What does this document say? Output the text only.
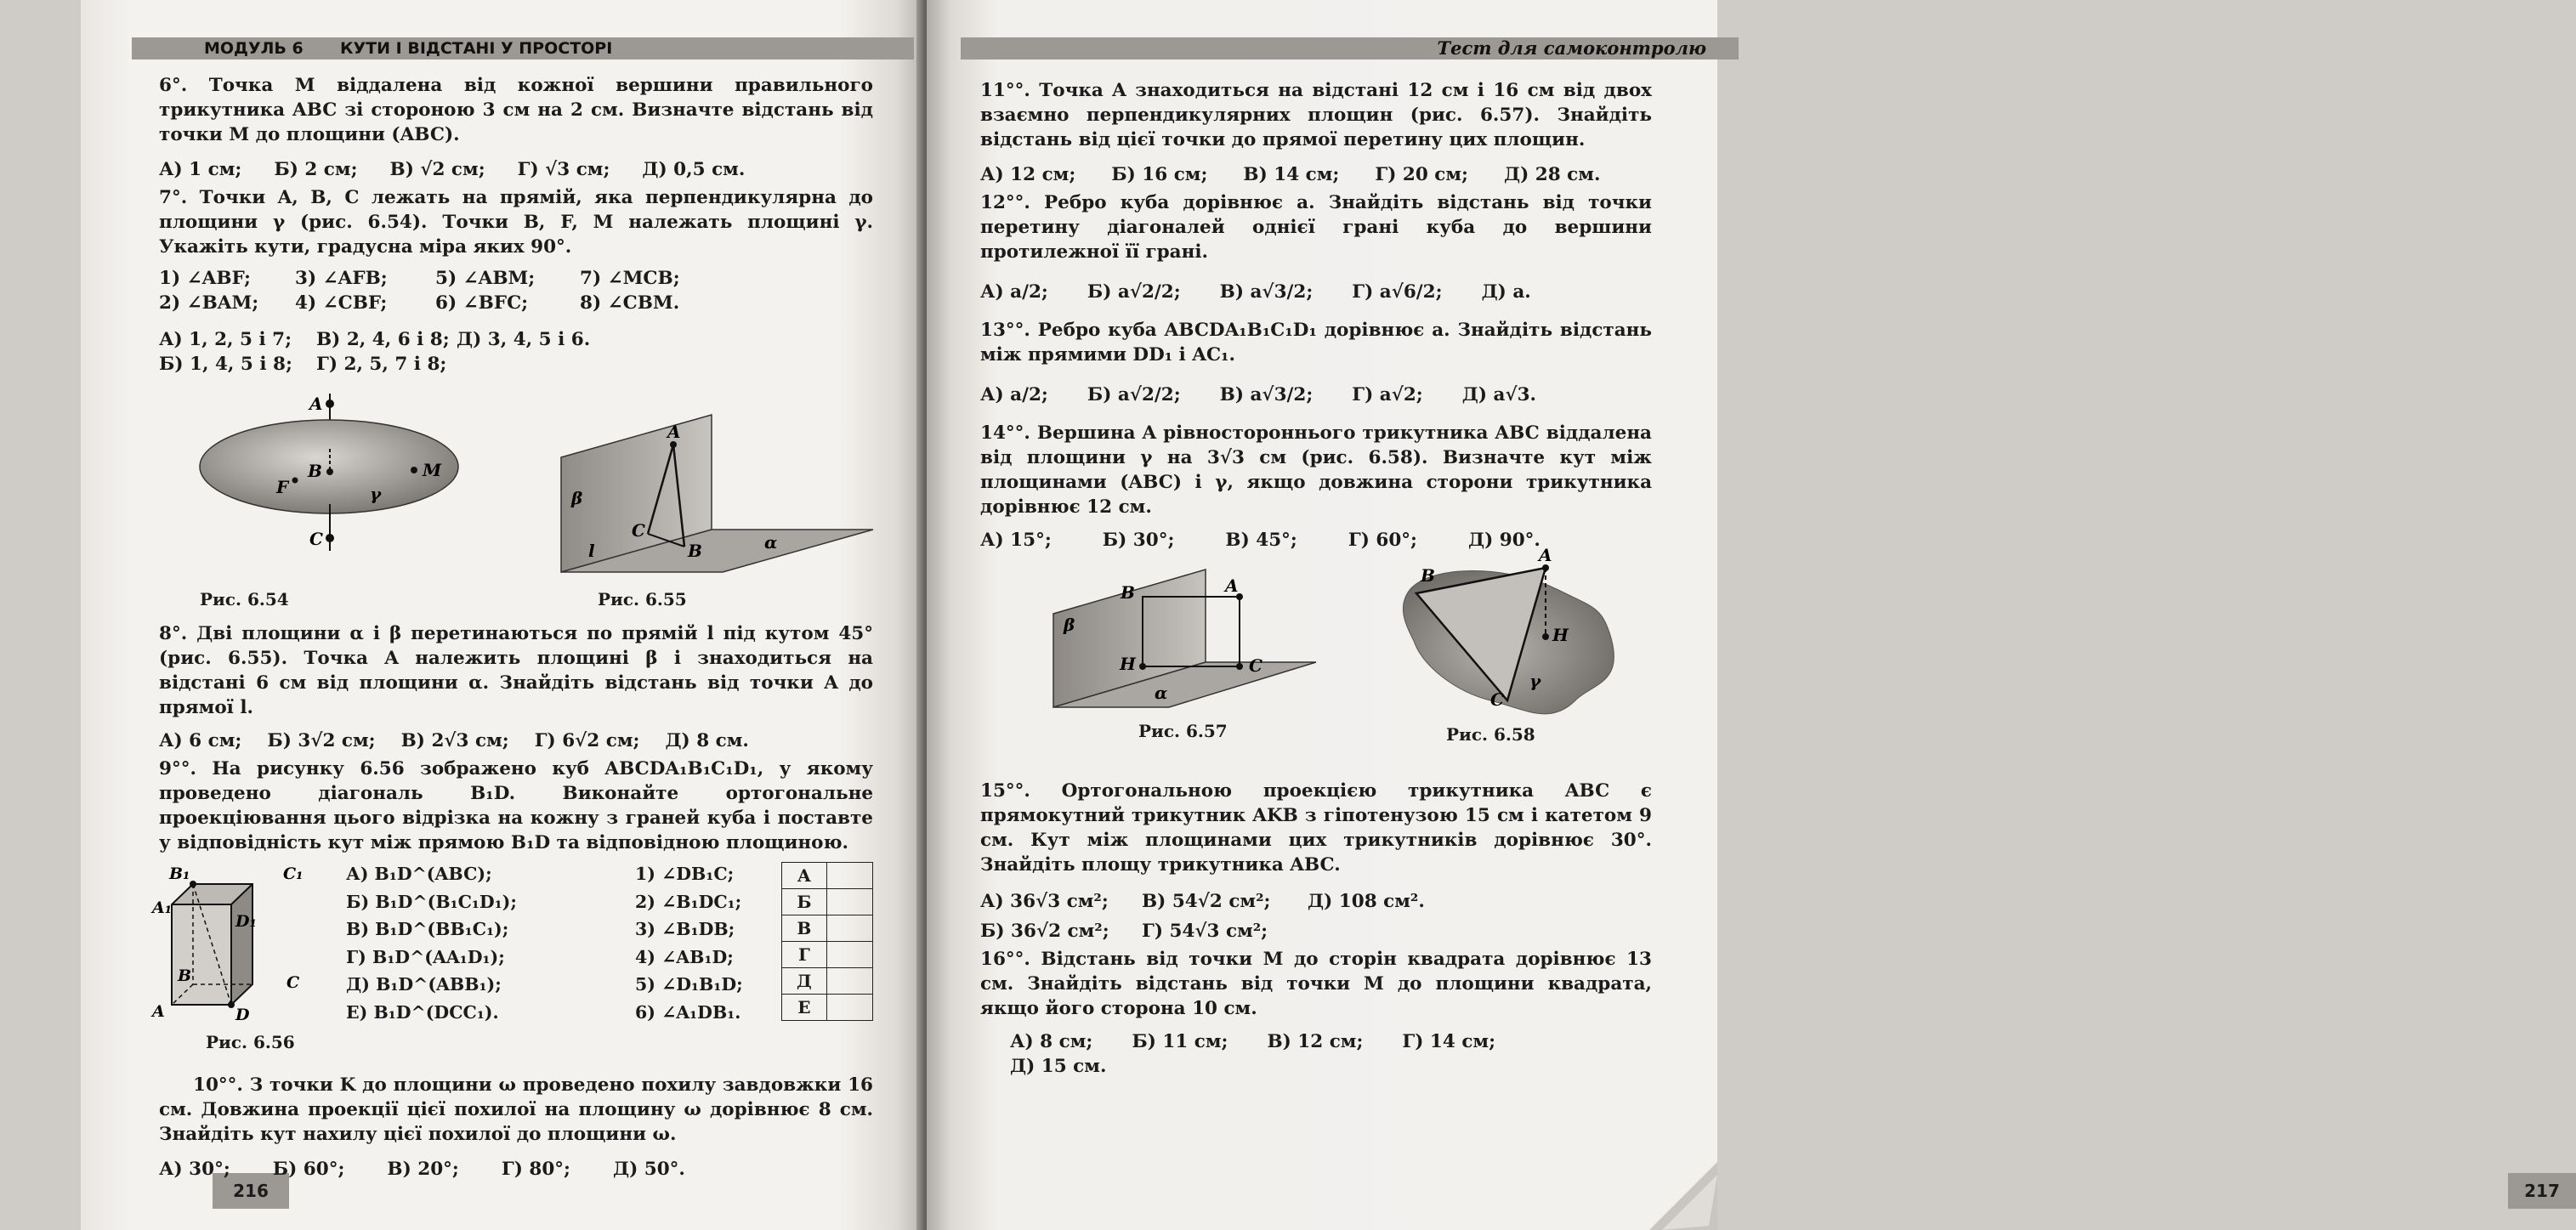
МОДУЛЬ 6 КУТИ І ВІДСТАНІ У ПРОСТОРІ
216
Тест для самоконтролю
217

6°. Точка M віддалена від кожної вершини правильного трикутника ABC зі стороною 3 см на 2 см. Визначте відстань від точки M до площини (ABC).

А) 1 см; Б) 2 см; В) √2 см; Г) √3 см; Д) 0,5 см.

7°. Точки A, B, C лежать на прямій, яка перпендикулярна до площини γ (рис. 6.54). Точки B, F, M належать площині γ. Укажіть кути, градусна міра яких 90°.

1) ∠ABF;	3) ∠AFB;	5) ∠ABM;	7) ∠MCB;
2) ∠BAM;	4) ∠CBF;	6) ∠BFC;	8) ∠CBM.
А) 1, 2, 5 і 7;	В) 2, 4, 6 і 8; Д) 3, 4, 5 і 6.
Б) 1, 4, 5 і 8;	Г) 2, 5, 7 і 8;
A
B
C
F
M
γ
A
β
C
B
l	α
Рис. 6.54	Рис. 6.55

8°. Дві площини α і β перетинаються по прямій l під кутом 45° (рис. 6.55). Точка A належить площині β і знаходиться на відстані 6 см від площини α. Знайдіть відстань від точки A до прямої l.

А) 6 см; Б) 3√2 см; В) 2√3 см; Г) 6√2 см; Д) 8 см.

9°°. На рисунку 6.56 зображено куб ABCDA₁B₁C₁D₁, у якому проведено діагональ B₁D. Виконайте ортогональне проекціювання цього відрізка на кожну з граней куба і поставте у відповідність кут між прямою B₁D та відповідною площиною.

B₁	C₁
A₁
D₁
B	C
A	D
Рис. 6.56
А) B₁D^(ABC);
Б) B₁D^(B₁C₁D₁);
В) B₁D^(BB₁C₁);
Г) B₁D^(AA₁D₁);
Д) B₁D^(ABB₁);
Е) B₁D^(DCC₁).
1) ∠DB₁C;
2) ∠B₁DC₁;
3) ∠B₁DB;
4) ∠AB₁D;
5) ∠D₁B₁D;
6) ∠A₁DB₁.
А	
Б	
В	
Г	
Д	
Е	

10°°. З точки K до площини ω проведено похилу завдовжки 16 см. Довжина проекції цієї похилої на площину ω дорівнює 8 см. Знайдіть кут нахилу цієї похилої до площини ω.

А) 30°; Б) 60°; В) 20°; Г) 80°; Д) 50°.

11°°. Точка A знаходиться на відстані 12 см і 16 см від двох взаємно перпендикулярних площин (рис. 6.57). Знайдіть відстань від цієї точки до прямої перетину цих площин.

А) 12 см; Б) 16 см; В) 14 см; Г) 20 см; Д) 28 см.

12°°. Ребро куба дорівнює a. Знайдіть відстань від точки перетину діагоналей однієї грані куба до вершини протилежної її грані.

А) a/2; Б) a√2/2; В) a√3/2; Г) a√6/2; Д) a.

13°°. Ребро куба ABCDA₁B₁C₁D₁ дорівнює a. Знайдіть відстань між прямими DD₁ і AC₁.

А) a/2; Б) a√2/2; В) a√3/2; Г) a√2; Д) a√3.

14°°. Вершина A рівностороннього трикутника ABC віддалена від площини γ на 3√3 см (рис. 6.58). Визначте кут між площинами (ABC) і γ, якщо довжина сторони трикутника дорівнює 12 см.

А) 15°;	Б) 30°;	В) 45°;	Г) 60°;	Д) 90°.
B	A
β
H	C
α
A
B
H
C
γ
Рис. 6.57	Рис. 6.58

15°°. Ортогональною проекцією трикутника ABC є прямокутний трикутник AKB з гіпотенузою 15 см і катетом 9 см. Кут між площинами цих трикутників дорівнює 30°. Знайдіть площу трикутника ABC.

А) 36√3 см²;	В) 54√2 см²;	Д) 108 см².
Б) 36√2 см²;	Г) 54√3 см²;

16°°. Відстань від точки M до сторін квадрата дорівнює 13 см. Знайдіть відстань від точки M до площини квадрата, якщо його сторона 10 см.

А) 8 см; Б) 11 см; В) 12 см; Г) 14 см;
Д) 15 см.
